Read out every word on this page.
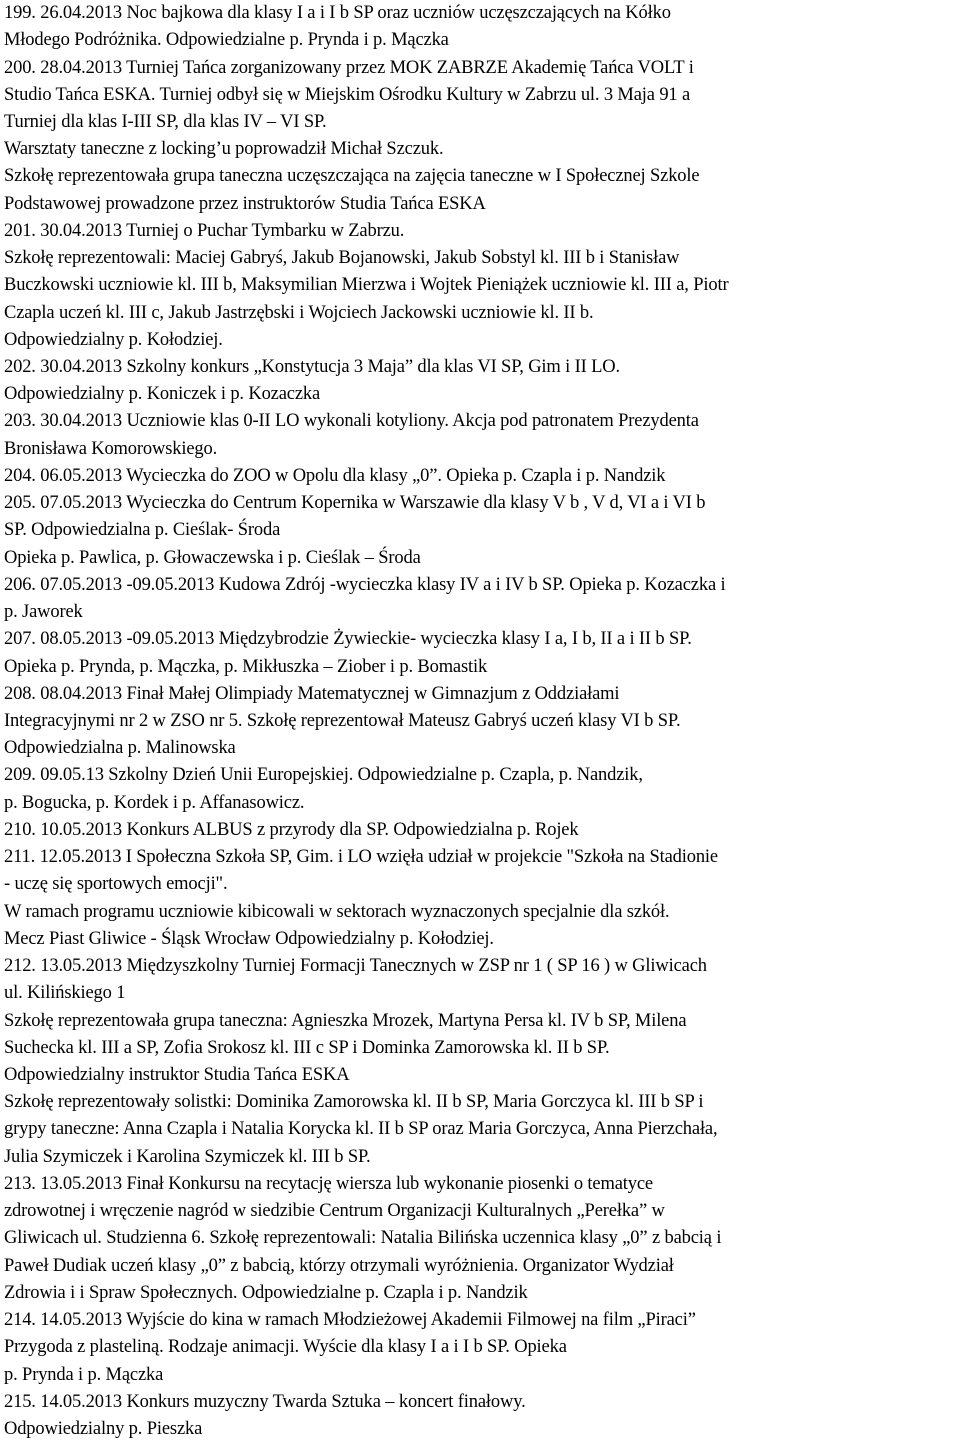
199. 26.04.2013 Noc bajkowa dla klasy I a i I b SP oraz uczniów uczęszczających na Kółko
Młodego Podróżnika. Odpowiedzialne p. Prynda i p. Mączka
200. 28.04.2013 Turniej Tańca zorganizowany przez MOK ZABRZE Akademię Tańca VOLT i
Studio Tańca ESKA. Turniej odbył się w Miejskim Ośrodku Kultury w Zabrzu ul. 3 Maja 91 a
Turniej dla klas I-III SP, dla klas IV – VI SP.
Warsztaty taneczne z locking’u poprowadził Michał Szczuk.
Szkołę reprezentowała grupa taneczna uczęszczająca na zajęcia taneczne w I Społecznej Szkole
Podstawowej prowadzone przez instruktorów Studia Tańca ESKA
201. 30.04.2013 Turniej o Puchar Tymbarku w Zabrzu.
Szkołę reprezentowali: Maciej Gabryś, Jakub Bojanowski, Jakub Sobstyl kl. III b i Stanisław
Buczkowski uczniowie kl. III b, Maksymilian Mierzwa i Wojtek Pieniążek uczniowie kl. III a, Piotr
Czapla uczeń kl. III c, Jakub Jastrzębski i Wojciech Jackowski uczniowie kl. II b.
Odpowiedzialny p. Kołodziej.
202. 30.04.2013 Szkolny konkurs „Konstytucja 3 Maja” dla klas VI SP, Gim i II LO.
Odpowiedzialny p. Koniczek i p. Kozaczka
203. 30.04.2013 Uczniowie klas 0-II LO wykonali kotyliony. Akcja pod patronatem Prezydenta
Bronisława Komorowskiego.
204. 06.05.2013 Wycieczka do ZOO w Opolu dla klasy „0”. Opieka p. Czapla i p. Nandzik
205. 07.05.2013 Wycieczka do Centrum Kopernika w Warszawie dla klasy V b , V d, VI a i VI b
SP. Odpowiedzialna p. Cieślak- Środa
Opieka p. Pawlica, p. Głowaczewska i p. Cieślak – Środa
206. 07.05.2013 -09.05.2013 Kudowa Zdrój -wycieczka klasy IV a i IV b SP. Opieka p. Kozaczka i
p. Jaworek
207. 08.05.2013 -09.05.2013 Międzybrodzie Żywieckie- wycieczka klasy I a, I b, II a i II b SP.
Opieka p. Prynda, p. Mączka, p. Mikłuszka – Ziober i p. Bomastik
208. 08.04.2013 Finał Małej Olimpiady Matematycznej w Gimnazjum z Oddziałami
Integracyjnymi nr 2 w ZSO nr 5. Szkołę reprezentował Mateusz Gabryś uczeń klasy VI b SP.
Odpowiedzialna p. Malinowska
209. 09.05.13 Szkolny Dzień Unii Europejskiej. Odpowiedzialne p. Czapla, p. Nandzik,
p. Bogucka, p. Kordek i p. Affanasowicz.
210. 10.05.2013 Konkurs ALBUS z przyrody dla SP. Odpowiedzialna p. Rojek
211. 12.05.2013 I Społeczna Szkoła SP, Gim. i LO wzięła udział w projekcie "Szkoła na Stadionie
- uczę się sportowych emocji".
W ramach programu uczniowie kibicowali w sektorach wyznaczonych specjalnie dla szkół.
Mecz Piast Gliwice - Śląsk Wrocław Odpowiedzialny p. Kołodziej.
212. 13.05.2013 Międzyszkolny Turniej Formacji Tanecznych w ZSP nr 1 ( SP 16 ) w Gliwicach
ul. Kilińskiego 1
Szkołę reprezentowała grupa taneczna: Agnieszka Mrozek, Martyna Persa kl. IV b SP, Milena
Suchecka kl. III a SP, Zofia Srokosz kl. III c SP i Dominka Zamorowska kl. II b SP.
Odpowiedzialny instruktor Studia Tańca ESKA
Szkołę reprezentowały solistki: Dominika Zamorowska kl. II b SP, Maria Gorczyca kl. III b SP i
grypy taneczne: Anna Czapla i Natalia Korycka kl. II b SP oraz Maria Gorczyca, Anna Pierzchała,
Julia Szymiczek i Karolina Szymiczek kl. III b SP.
213. 13.05.2013 Finał Konkursu na recytację wiersza lub wykonanie piosenki o tematyce
zdrowotnej i wręczenie nagród w siedzibie Centrum Organizacji Kulturalnych „Perełka” w
Gliwicach ul. Studzienna 6. Szkołę reprezentowali: Natalia Bilińska uczennica klasy „0” z babcią i
Paweł Dudiak uczeń klasy „0” z babcią, którzy otrzymali wyróżnienia. Organizator Wydział
Zdrowia i i Spraw Społecznych. Odpowiedzialne p. Czapla i p. Nandzik
214. 14.05.2013 Wyjście do kina w ramach Młodzieżowej Akademii Filmowej na film „Piraci”
Przygoda z plasteliną. Rodzaje animacji. Wyście dla klasy I a i I b SP. Opieka
p. Prynda i p. Mączka
215. 14.05.2013 Konkurs muzyczny Twarda Sztuka – koncert finałowy.
Odpowiedzialny p. Pieszka
